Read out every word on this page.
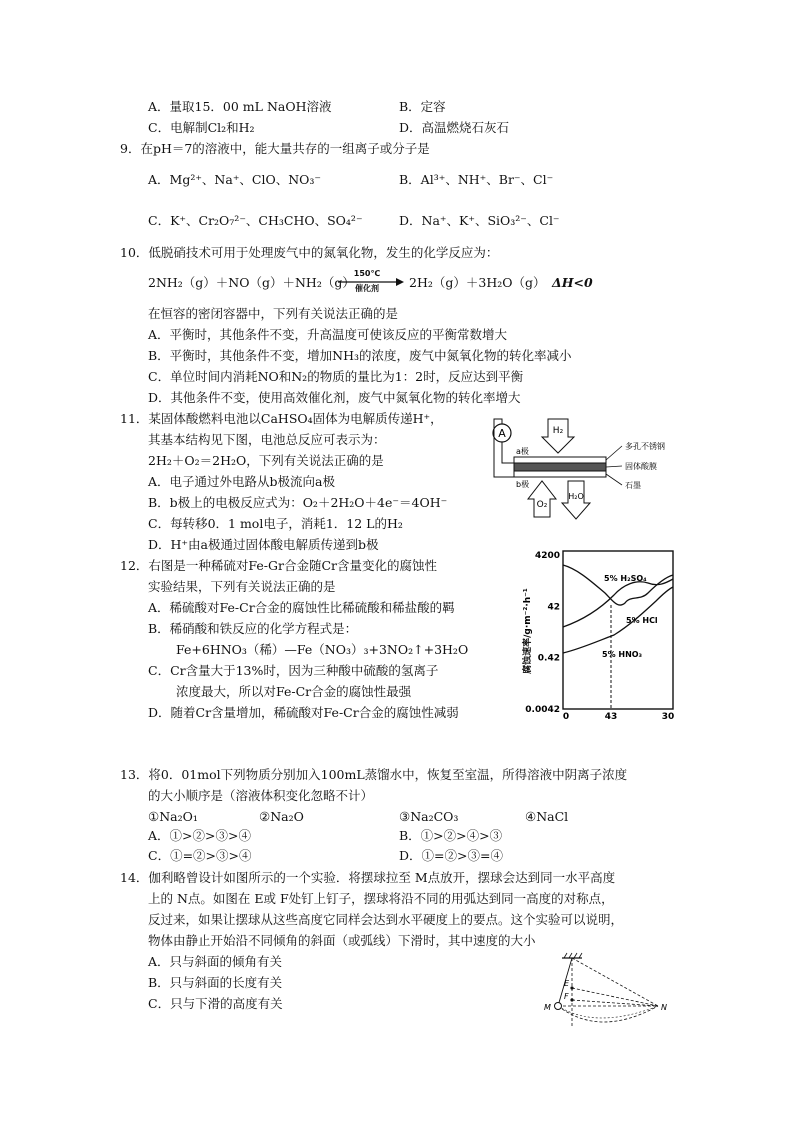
A．量取15．00 mL NaOH溶液	B．定容
C．电解制Cl₂和H₂	D．高温燃烧石灰石
9．在pH＝7的溶液中，能大量共存的一组离子或分子是
A．Mg²⁺、Na⁺、ClO、NO₃⁻	B．Al³⁺、NH⁺、Br⁻、Cl⁻
C．K⁺、Cr₂O₇²⁻、CH₃CHO、SO₄²⁻	D．Na⁺、K⁺、SiO₃²⁻、Cl⁻
10．低脱硝技术可用于处理废气中的氮氧化物，发生的化学反应为：
2NH₂（g）＋NO（g）＋NH₂（g）
150℃
催化剂	2H₂（g）＋3H₂O（g） ΔH<0
在恒容的密闭容器中，下列有关说法正确的是
A．平衡时，其他条件不变，升高温度可使该反应的平衡常数增大
B．平衡时，其他条件不变，增加NH₃的浓度，废气中氮氧化物的转化率减小
C．单位时间内消耗NO和N₂的物质的量比为1：2时，反应达到平衡
D．其他条件不变，使用高效催化剂，废气中氮氧化物的转化率增大
11．某固体酸燃料电池以CaHSO₄固体为电解质传递H⁺，
其基本结构见下图，电池总反应可表示为：
2H₂＋O₂＝2H₂O，下列有关说法正确的是
A．电子通过外电路从b极流向a极
B．b极上的电极反应式为：O₂＋2H₂O＋4e⁻＝4OH⁻
C．每转移0．1 mol电子，消耗1．12 L的H₂
D．H⁺由a极通过固体酸电解质传递到b极
A
a极
b极
H₂
O₂
H₂O
多孔不锈钢
固体酸膜
石墨
12．右图是一种稀硫对Fe-Gr合金随Cr含量变化的腐蚀性
实验结果，下列有关说法正确的是
A．稀硫酸对Fe-Cr合金的腐蚀性比稀硫酸和稀盐酸的羁
B．稀硝酸和铁反应的化学方程式是：
Fe+6HNO₃（稀）—Fe（NO₃）₃+3NO₂↑+3H₂O
C．Cr含量大于13%时，因为三种酸中硫酸的氢离子
浓度最大，所以对Fe-Cr合金的腐蚀性最强
D．随着Cr含量增加，稀硫酸对Fe-Cr合金的腐蚀性减弱
腐蚀速率/g·m⁻²·h⁻¹
4200
42
0.42
0.0042
0	43	30
5% H₂SO₄
5% HCl
5% HNO₃
13．将0．01mol下列物质分别加入100mL蒸馏水中，恢复至室温，所得溶液中阴离子浓度
的大小顺序是（溶液体积变化忽略不计）
①Na₂O₁	②Na₂O	③Na₂CO₃	④NaCl
A．①>②>③>④	B．①>②>④>③
C．①=②>③>④	D．①=②>③=④
14．伽利略曾设计如图所示的一个实验．将摆球拉至 M点放开，摆球会达到同一水平高度
上的 N点。如图在 E或 F处钉上钉子，摆球将沿不同的用弧达到同一高度的对称点，
反过来，如果让摆球从这些高度它同样会达到水平硬度上的要点。这个实验可以说明，
物体由静止开始沿不同倾角的斜面（或弧线）下滑时，其中速度的大小
A．只与斜面的倾角有关
B．只与斜面的长度有关
C．只与下滑的高度有关
E
F
M	N
